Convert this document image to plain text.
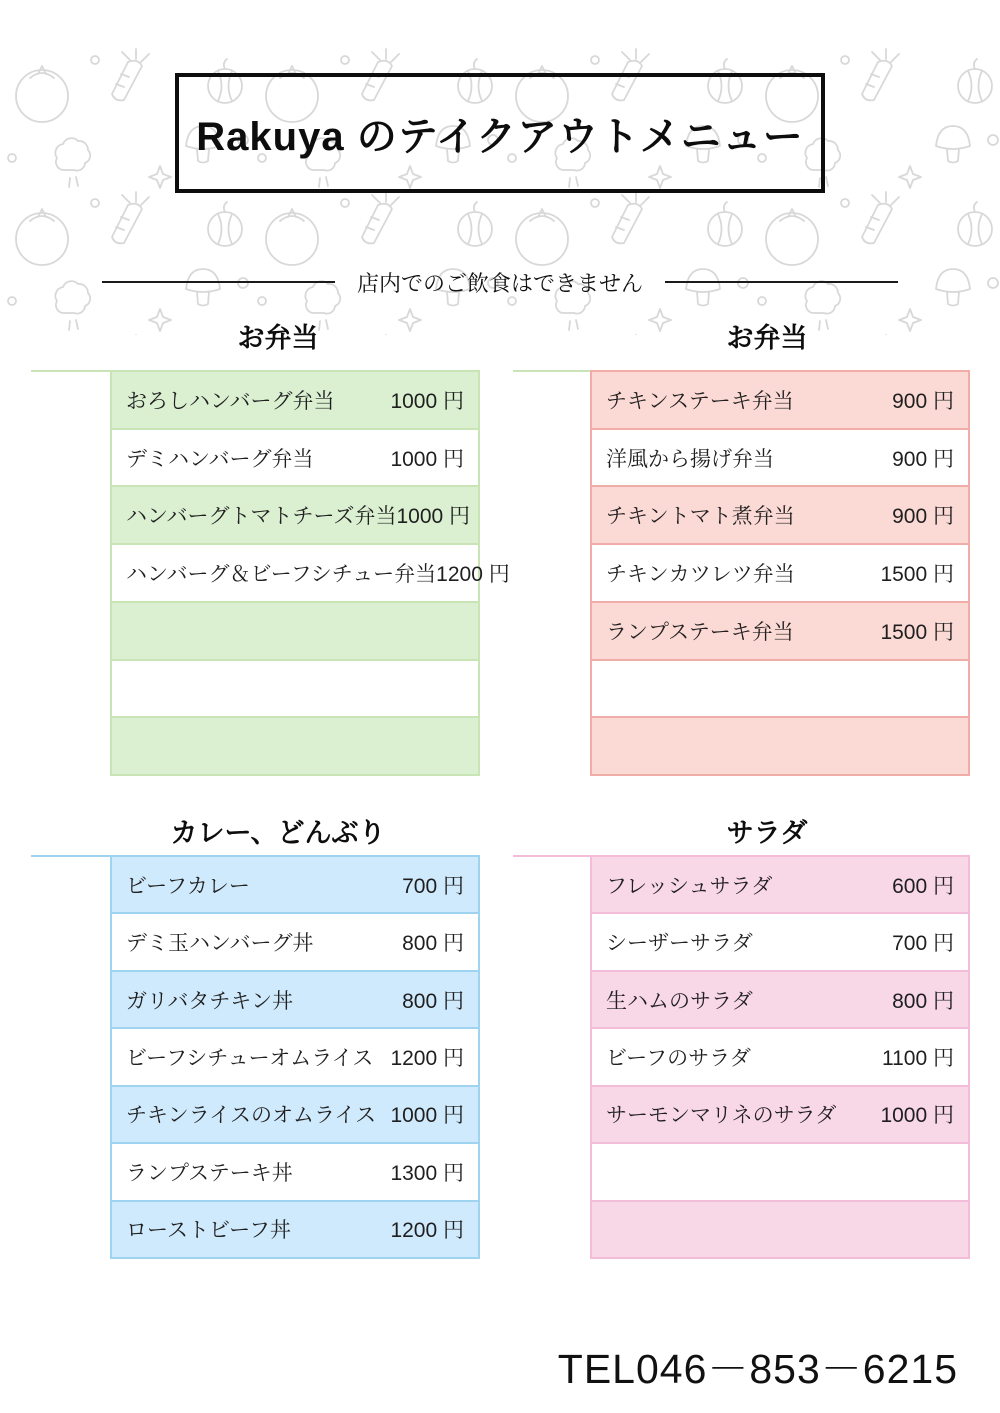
Rakuya のテイクアウトメニュー
店内でのご飲食はできません
お弁当
おろしハンバーグ弁当	1000 円
デミハンバーグ弁当	1000 円
ハンバーグトマトチーズ弁当 1000 円
ハンバーグ＆ビーフシチュー弁当 1200 円
お弁当
チキンステーキ弁当	900 円
洋風から揚げ弁当	900 円
チキントマト煮弁当	900 円
チキンカツレツ弁当	1500 円
ランプステーキ弁当	1500 円
カレー、どんぶり
ビーフカレー	700 円
デミ玉ハンバーグ丼	800 円
ガリバタチキン丼	800 円
ビーフシチューオムライス 1200 円
チキンライスのオムライス 1000 円
ランプステーキ丼	1300 円
ローストビーフ丼	1200 円
サラダ
フレッシュサラダ	600 円
シーザーサラダ	700 円
生ハムのサラダ	800 円
ビーフのサラダ	1100 円
サーモンマリネのサラダ 1000 円
TEL046－853－6215
